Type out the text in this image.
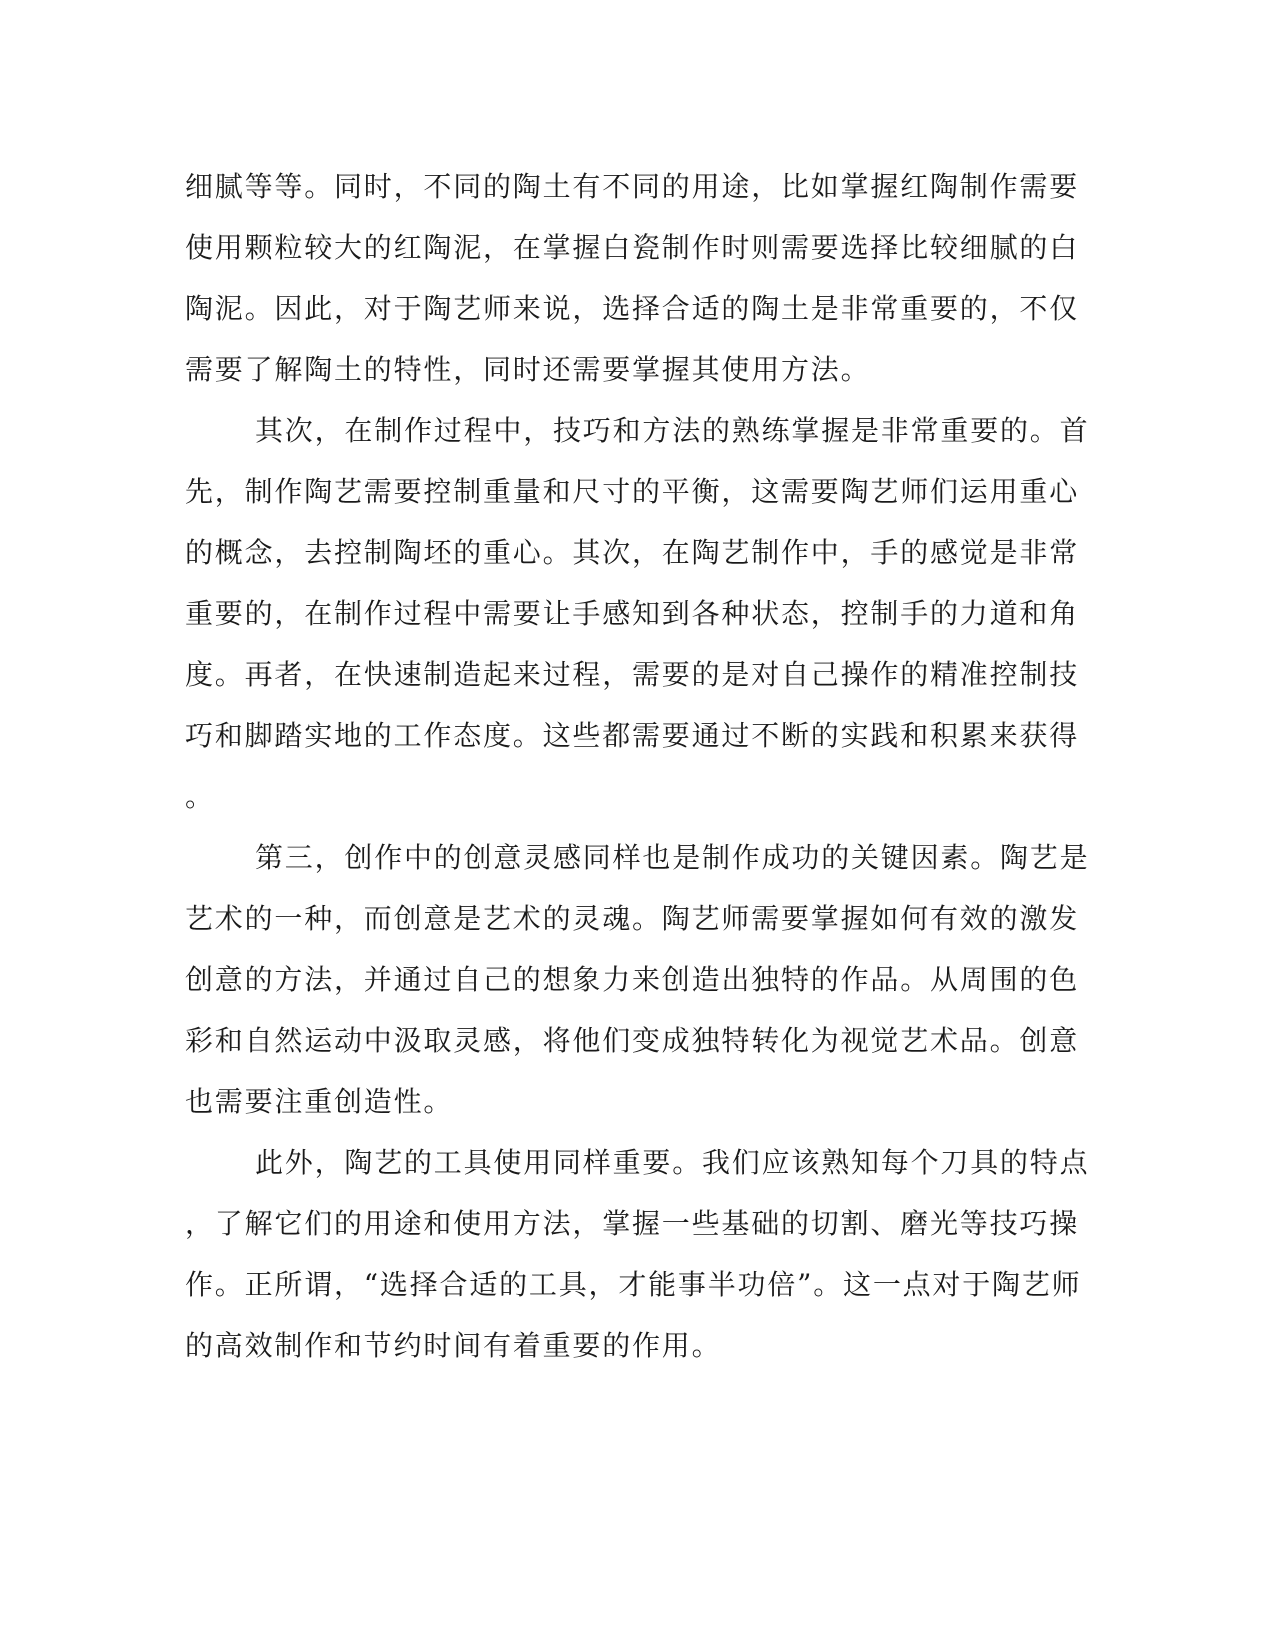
细腻等等。同时，不同的陶土有不同的用途，比如掌握红陶制作需要
使用颗粒较大的红陶泥，在掌握白瓷制作时则需要选择比较细腻的白
陶泥。因此，对于陶艺师来说，选择合适的陶土是非常重要的，不仅
需要了解陶土的特性，同时还需要掌握其使用方法。
其次，在制作过程中，技巧和方法的熟练掌握是非常重要的。首
先，制作陶艺需要控制重量和尺寸的平衡，这需要陶艺师们运用重心
的概念，去控制陶坯的重心。其次，在陶艺制作中，手的感觉是非常
重要的，在制作过程中需要让手感知到各种状态，控制手的力道和角
度。再者，在快速制造起来过程，需要的是对自己操作的精准控制技
巧和脚踏实地的工作态度。这些都需要通过不断的实践和积累来获得
。
第三，创作中的创意灵感同样也是制作成功的关键因素。陶艺是
艺术的一种，而创意是艺术的灵魂。陶艺师需要掌握如何有效的激发
创意的方法，并通过自己的想象力来创造出独特的作品。从周围的色
彩和自然运动中汲取灵感，将他们变成独特转化为视觉艺术品。创意
也需要注重创造性。
此外，陶艺的工具使用同样重要。我们应该熟知每个刀具的特点
，了解它们的用途和使用方法，掌握一些基础的切割、磨光等技巧操
作。正所谓，“选择合适的工具，才能事半功倍”。这一点对于陶艺师
的高效制作和节约时间有着重要的作用。
